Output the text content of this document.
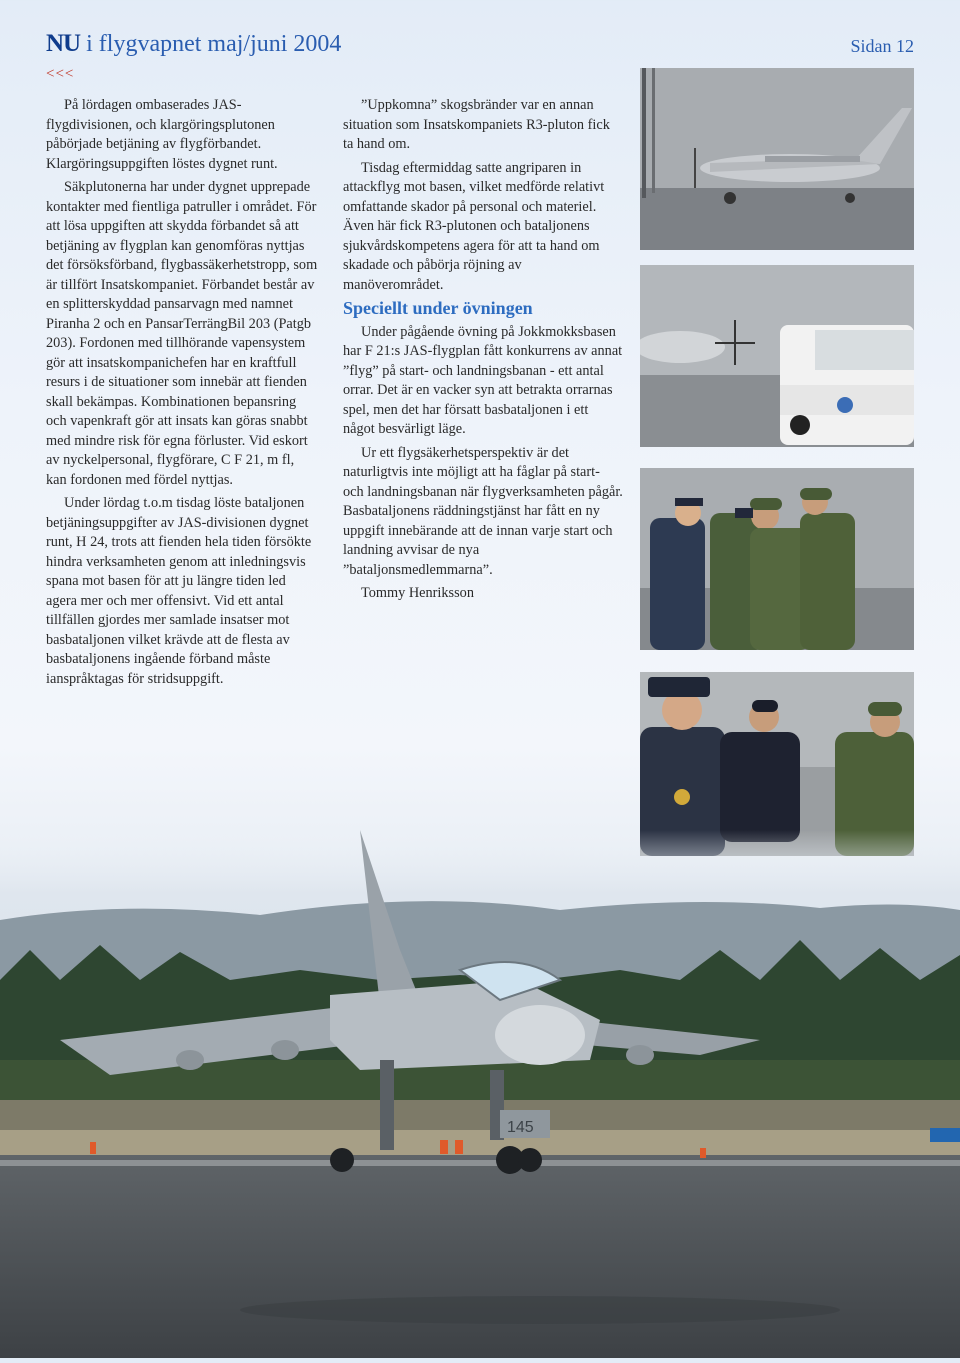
NU i flygvapnet maj/juni 2004	Sidan 12
<<<

På lördagen ombaserades JAS-flygdivisionen, och klargöringsplutonen påbörjade betjäning av flygförbandet. Klargöringsuppgiften löstes dygnet runt.

Säkplutonerna har under dygnet upprepade kontakter med fientliga patruller i området. För att lösa uppgiften att skydda förbandet så att betjäning av flygplan kan genomföras nyttjas det försöksförband, flygbassäkerhetstropp, som är tillfört Insatskompaniet. Förbandet består av en splitterskyddad pansarvagn med namnet Piranha 2 och en PansarTerrängBil 203 (Patgb 203). Fordonen med tillhörande vapensystem gör att insatskompanichefen har en kraftfull resurs i de situationer som innebär att fienden skall bekämpas. Kombinationen bepansring och vapenkraft gör att insats kan göras snabbt med mindre risk för egna förluster. Vid eskort av nyckelpersonal, flygförare, C F 21, m fl, kan fordonen med fördel nyttjas.

Under lördag t.o.m tisdag löste bataljonen betjäningsuppgifter av JAS-divisionen dygnet runt, H 24, trots att fienden hela tiden försökte hindra verksamheten genom att inledningsvis spana mot basen för att ju längre tiden led agera mer och mer offensivt. Vid ett antal tillfällen gjordes mer samlade insatser mot basbataljonen vilket krävde att de flesta av basbataljonens ingående förband måste ianspråktagas för stridsuppgift.

”Uppkomna” skogsbränder var en annan situation som Insatskompaniets R3-pluton fick ta hand om.

Tisdag eftermiddag satte angriparen in attackflyg mot basen, vilket medförde relativt omfattande skador på personal och materiel. Även här fick R3-plutonen och bataljonens sjukvårdskompetens agera för att ta hand om skadade och påbörja röjning av manöverområdet.

Speciellt under övningen

Under pågående övning på Jokkmokksbasen har F 21:s JAS-flygplan fått konkurrens av annat ”flyg” på start- och landningsbanan - ett antal orrar. Det är en vacker syn att betrakta orrarnas spel, men det har försatt basbataljonen i ett något besvärligt läge.

Ur ett flygsäkerhetsperspektiv är det naturligtvis inte möjligt att ha fåglar på start- och landningsbanan när flygverksamheten pågår. Basbataljonens räddningstjänst har fått en ny uppgift innebärande att de innan varje start och landning avvisar de nya ”bataljonsmedlemmarna”.

Tommy Henriksson

145
